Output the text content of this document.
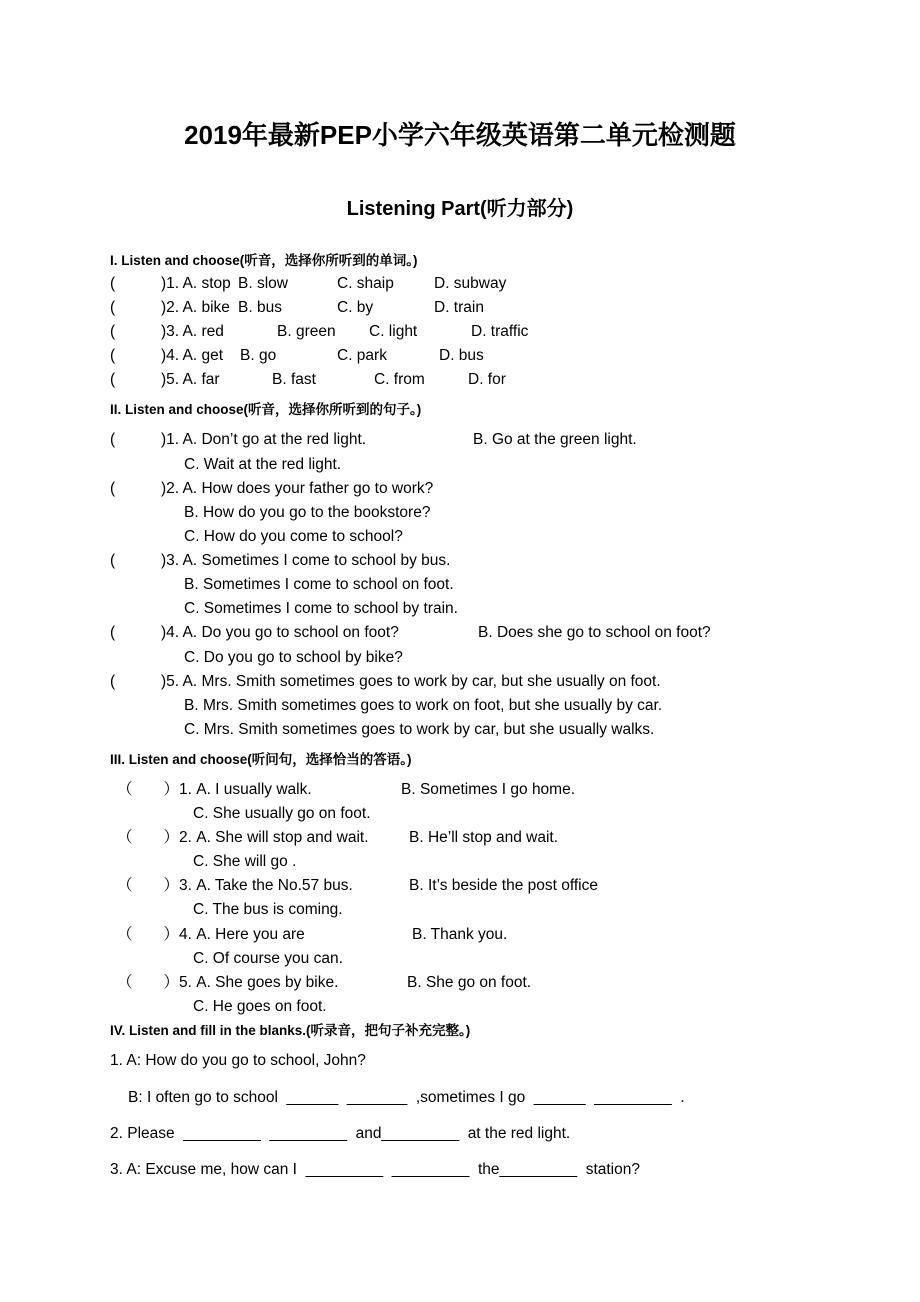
2019年最新PEP小学六年级英语第二单元检测题
Listening Part(听力部分)
I. Listen and choose(听音，选择你所听到的单词。)
(	)1. A. stop B. slow	C. shaip	D. subway
(	)2. A. bike B. bus	C. by	D. train
(	)3. A. red	B. green C. light	D. traffic
(	)4. A. get B. go	C. park	D. bus
(	)5. A. far	B. fast	C. from	D. for
II. Listen and choose(听音，选择你所听到的句子。)
(	)1. A. Don’t go at the red light.	B. Go at the green light.
C. Wait at the red light.
(	)2. A. How does your father go to work?
B. How do you go to the bookstore?
C. How do you come to school?
(	)3. A. Sometimes I come to school by bus.
B. Sometimes I come to school on foot.
C. Sometimes I come to school by train.
(	)4. A. Do you go to school on foot?	B. Does she go to school on foot?
C. Do you go to school by bike?
(	)5. A. Mrs. Smith sometimes goes to work by car, but she usually on foot.
B. Mrs. Smith sometimes goes to work on foot, but she usually by car.
C. Mrs. Smith sometimes goes to work by car, but she usually walks.
III. Listen and choose(听问句，选择恰当的答语。)
（　　）1. A. I usually walk.	B. Sometimes I go home.
C. She usually go on foot.
（　　）2. A. She will stop and wait.	B. He’ll stop and wait.
C. She will go .
（　　）3. A. Take the No.57 bus.	B. It’s beside the post office
C. The bus is coming.
（　　）4. A. Here you are	B. Thank you.
C. Of course you can.
（　　）5. A. She goes by bike.	B. She go on foot.
C. He goes on foot.
IV. Listen and fill in the blanks.(听录音，把句子补充完整。)
1. A: How do you go to school, John?
B: I often go to school  ______  _______  ,sometimes I go  ______  _________  .
2. Please  _________  _________  and_________  at the red light.
3. A: Excuse me, how can I  _________  _________  the_________  station?
